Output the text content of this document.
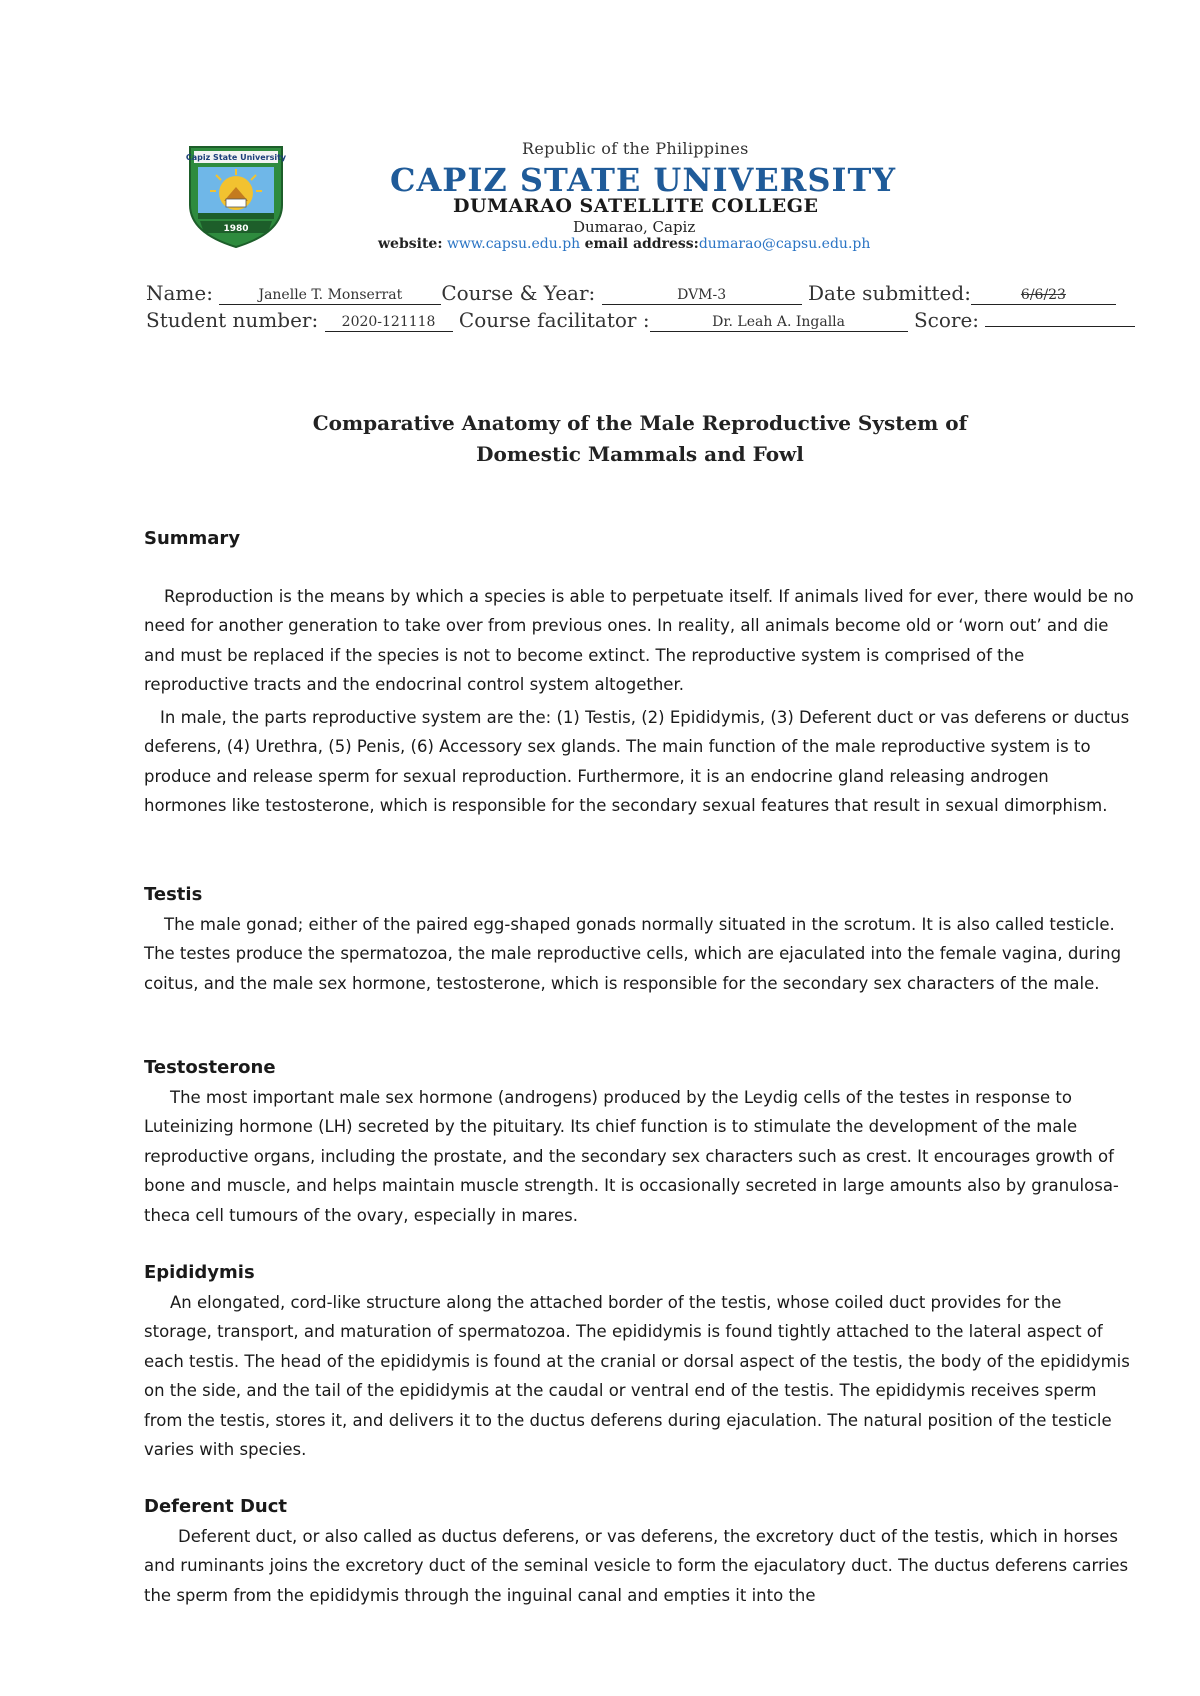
Capiz State University
1980
Republic of the Philippines
CAPIZ STATE UNIVERSITY
DUMARAO SATELLITE COLLEGE
Dumarao, Capiz
website: www.capsu.edu.ph email address:dumarao@capsu.edu.ph
Name:	Janelle T. Monserrat Course & Year:	DVM-3	Date submitted:	6/6/23
Student number: 2020-121118 Course facilitator :	Dr. Leah A. Ingalla	Score:
Comparative Anatomy of the Male Reproductive System of
Domestic Mammals and Fowl
Summary

Reproduction is the means by which a species is able to perpetuate itself. If animals lived for ever, there would be no need for another generation to take over from previous ones. In reality, all animals become old or ‘worn out’ and die and must be replaced if the species is not to become extinct. The reproductive system is comprised of the reproductive tracts and the endocrinal control system altogether.

In male, the parts reproductive system are the: (1) Testis, (2) Epididymis, (3) Deferent duct or vas deferens or ductus deferens, (4) Urethra, (5) Penis, (6) Accessory sex glands. The main function of the male reproductive system is to produce and release sperm for sexual reproduction. Furthermore, it is an endocrine gland releasing androgen hormones like testosterone, which is responsible for the secondary sexual features that result in sexual dimorphism.

Testis

The male gonad; either of the paired egg-shaped gonads normally situated in the scrotum. It is also called testicle. The testes produce the spermatozoa, the male reproductive cells, which are ejaculated into the female vagina, during coitus, and the male sex hormone, testosterone, which is responsible for the secondary sex characters of the male.

Testosterone

The most important male sex hormone (androgens) produced by the Leydig cells of the testes in response to Luteinizing hormone (LH) secreted by the pituitary. Its chief function is to stimulate the development of the male reproductive organs, including the prostate, and the secondary sex characters such as crest. It encourages growth of bone and muscle, and helps maintain muscle strength. It is occasionally secreted in large amounts also by granulosa-theca cell tumours of the ovary, especially in mares.

Epididymis

An elongated, cord-like structure along the attached border of the testis, whose coiled duct provides for the storage, transport, and maturation of spermatozoa. The epididymis is found tightly attached to the lateral aspect of each testis. The head of the epididymis is found at the cranial or dorsal aspect of the testis, the body of the epididymis on the side, and the tail of the epididymis at the caudal or ventral end of the testis. The epididymis receives sperm from the testis, stores it, and delivers it to the ductus deferens during ejaculation. The natural position of the testicle varies with species.

Deferent Duct

Deferent duct, or also called as ductus deferens, or vas deferens, the excretory duct of the testis, which in horses and ruminants joins the excretory duct of the seminal vesicle to form the ejaculatory duct. The ductus deferens carries the sperm from the epididymis through the inguinal canal and empties it into the
